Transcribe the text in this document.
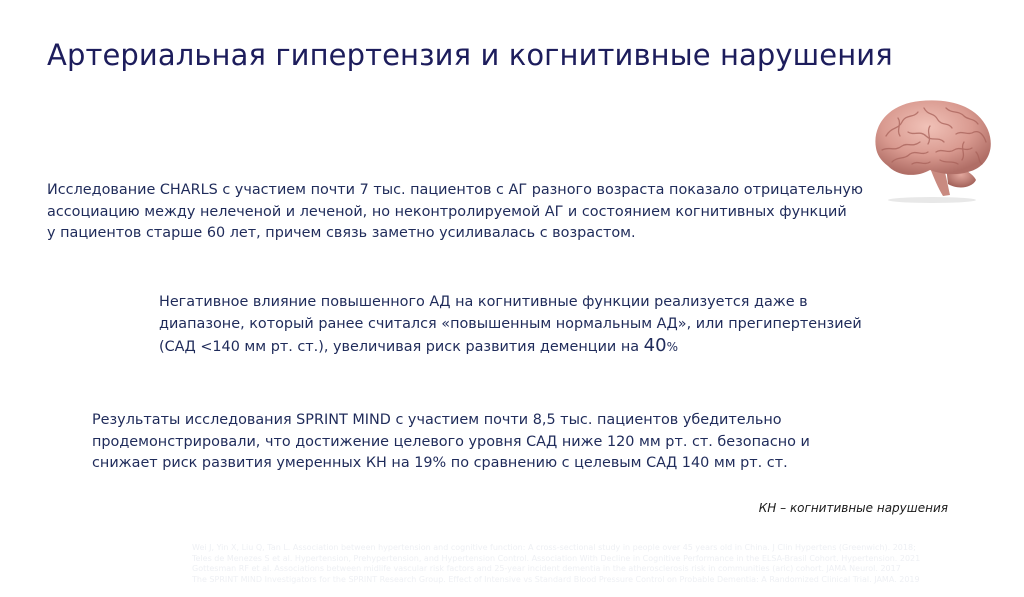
Артериальная гипертензия и когнитивные нарушения
Исследование CHARLS с участием почти 7 тыс. пациентов с АГ разного возраста показало отрицательную
ассоциацию между нелеченой и леченой, но неконтролируемой АГ и состоянием когнитивных функций
у пациентов старше 60 лет, причем связь заметно усиливалась с возрастом.
Негативное влияние повышенного АД на когнитивные функции реализуется даже в
диапазоне, который ранее считался «повышенным нормальным АД», или прегипертензией
(САД <140 мм рт. ст.), увеличивая риск развития деменции на 40%
Результаты исследования SPRINT MIND с участием почти 8,5 тыс. пациентов убедительно
продемонстрировали, что достижение целевого уровня САД ниже 120 мм рт. ст. безопасно и
снижает риск развития умеренных КН на 19% по сравнению с целевым САД 140 мм рт. ст.
КН – когнитивные нарушения
Wei J, Yin X, Liu Q, Tan L. Association between hypertension and cognitive function: A cross-sectional study in people over 45 years old in China. J Clin Hypertens (Greenwich). 2018;
Teles de Menezes S et al. Hypertension, Prehypertension, and Hypertension Control. Association With Decline in Cognitive Performance in the ELSA-Brasil Cohort. Hypertension. 2021
Gottesman RF et al. Associations between midlife vascular risk factors and 25-year incident dementia in the atherosclerosis risk in communities (aric) cohort. JAMA Neurol. 2017
The SPRINT MIND Investigators for the SPRINT Research Group. Effect of Intensive vs Standard Blood Pressure Control on Probable Dementia: A Randomized Clinical Trial. JAMA. 2019
